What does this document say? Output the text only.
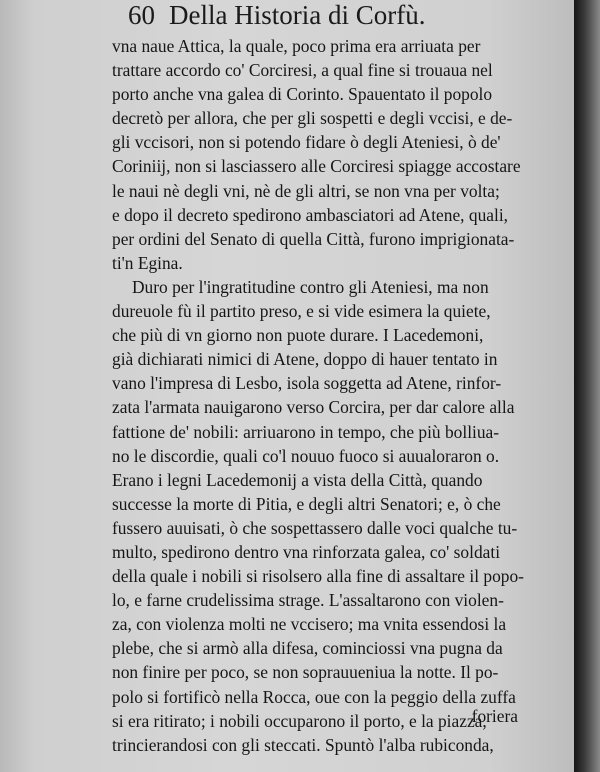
60 Della Historia di Corfù.
vna naue Attica, la quale, poco prima era arriuata per
trattare accordo co' Corciresi, a qual fine si trouaua nel
porto anche vna galea di Corinto. Spauentato il popolo
decretò per allora, che per gli sospetti e degli vccisi, e de-
gli vccisori, non si potendo fidare ò degli Ateniesi, ò de'
Coriniij, non si lasciassero alle Corciresi spiagge accostare
le naui nè degli vni, nè de gli altri, se non vna per volta;
e dopo il decreto spedirono ambasciatori ad Atene, quali,
per ordini del Senato di quella Città, furono imprigionata-
ti'n Egina.
Duro per l'ingratitudine contro gli Ateniesi, ma non
dureuole fù il partito preso, e si vide esimera la quiete,
che più di vn giorno non puote durare. I Lacedemoni,
già dichiarati nimici di Atene, doppo di hauer tentato in
vano l'impresa di Lesbo, isola soggetta ad Atene, rinfor-
zata l'armata nauigarono verso Corcira, per dar calore alla
fattione de' nobili: arriuarono in tempo, che più bolliua-
no le discordie, quali co'l nouuo fuoco si auualoraron o.
Erano i legni Lacedemonij a vista della Città, quando
successe la morte di Pitia, e degli altri Senatori; e, ò che
fussero auuisati, ò che sospettassero dalle voci qualche tu-
multo, spedirono dentro vna rinforzata galea, co' soldati
della quale i nobili si risolsero alla fine di assaltare il popo-
lo, e farne crudelissima strage. L'assaltarono con violen-
za, con violenza molti ne vccisero; ma vnita essendosi la
plebe, che si armò alla difesa, cominciossi vna pugna da
non finire per poco, se non soprauueniua la notte. Il po-
polo si fortificò nella Rocca, oue con la peggio della zuffa
si era ritirato; i nobili occuparono il porto, e la piazza,
trincierandosi con gli steccati. Spuntò l'alba rubiconda,
foriera
